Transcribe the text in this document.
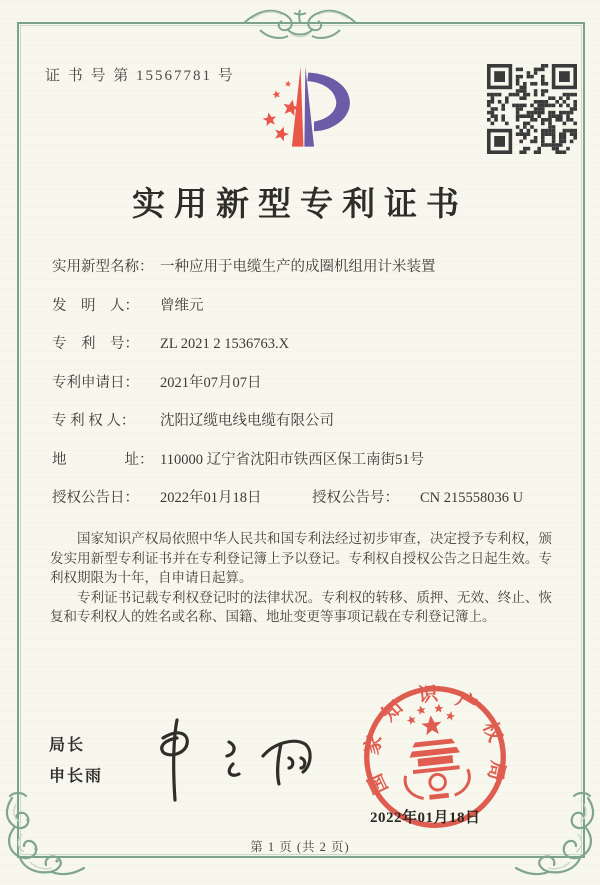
证 书 号 第 15567781 号
实用新型专利证书
实用新型名称： 一种应用于电缆生产的成圈机组用计米装置
发　明　人：	曾维元
专　利　号：	ZL 2021 2 1536763.X
专利申请日：	2021年07月07日
专 利 权 人：	沈阳辽缆电线电缆有限公司
地　　　　址： 110000 辽宁省沈阳市铁西区保工南街51号
授权公告日：	2022年01月18日	授权公告号：	CN 215558036 U

国家知识产权局依照中华人民共和国专利法经过初步审查，决定授予专利权，颁发实用新型专利证书并在专利登记簿上予以登记。专利权自授权公告之日起生效。专利权期限为十年，自申请日起算。

专利证书记载专利权登记时的法律状况。专利权的转移、质押、无效、终止、恢复和专利权人的姓名或名称、国籍、地址变更等事项记载在专利登记簿上。

局长
申长雨	国家知识产权局
2022年01月18日
第 1 页 (共 2 页)
